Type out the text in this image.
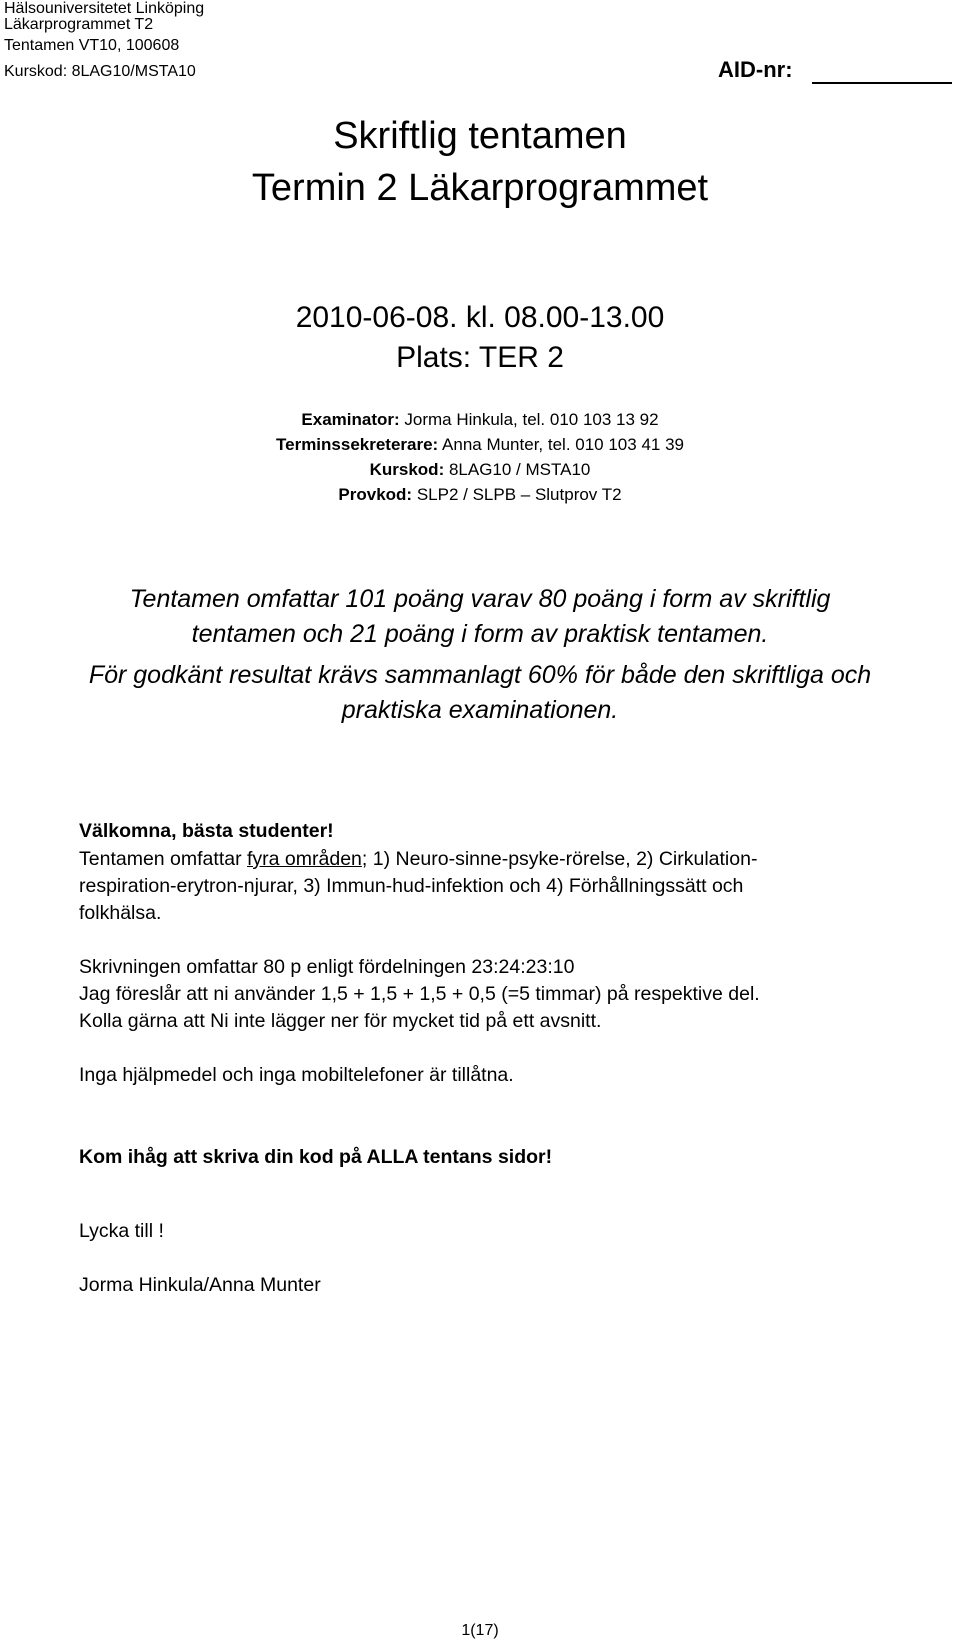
Hälsouniversitetet Linköping
Läkarprogrammet T2
Tentamen VT10, 100608
Kurskod: 8LAG10/MSTA10	AID-nr:
Skriftlig tentamen
Termin 2 Läkarprogrammet
2010-06-08. kl. 08.00-13.00
Plats: TER 2
Examinator: Jorma Hinkula, tel. 010 103 13 92
Terminssekreterare: Anna Munter, tel. 010 103 41 39
Kurskod: 8LAG10 / MSTA10
Provkod: SLP2 / SLPB – Slutprov T2
Tentamen omfattar 101 poäng varav 80 poäng i form av skriftlig
tentamen och 21 poäng i form av praktisk tentamen.
För godkänt resultat krävs sammanlagt 60% för både den skriftliga och
praktiska examinationen.
Välkomna, bästa studenter!
Tentamen omfattar fyra områden; 1) Neuro-sinne-psyke-rörelse, 2) Cirkulation-
respiration-erytron-njurar, 3) Immun-hud-infektion och 4) Förhållningssätt och
folkhälsa.
Skrivningen omfattar 80 p enligt fördelningen 23:24:23:10
Jag föreslår att ni använder 1,5 + 1,5 + 1,5 + 0,5 (=5 timmar) på respektive del.
Kolla gärna att Ni inte lägger ner för mycket tid på ett avsnitt.
Inga hjälpmedel och inga mobiltelefoner är tillåtna.
Kom ihåg att skriva din kod på ALLA tentans sidor!
Lycka till !
Jorma Hinkula/Anna Munter
1(17)
